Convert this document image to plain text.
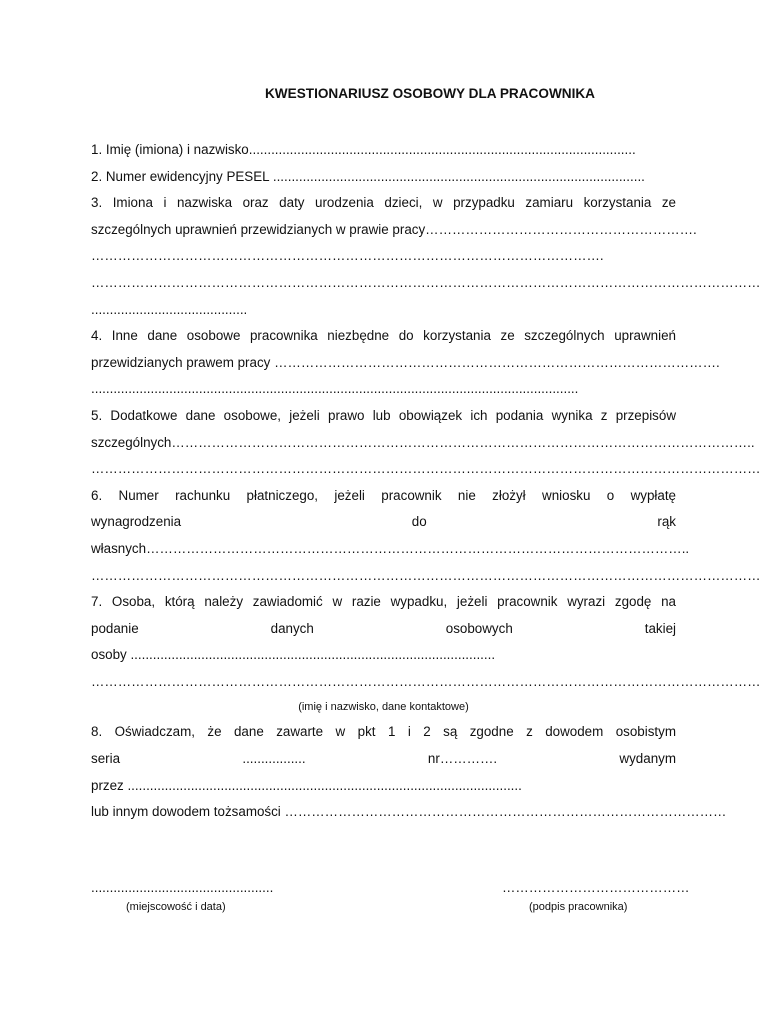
KWESTIONARIUSZ OSOBOWY DLA PRACOWNIKA
1. Imię (imiona) i nazwisko........................................................................................................
2. Numer ewidencyjny PESEL ....................................................................................................
3. Imiona i nazwiska oraz daty urodzenia dzieci, w przypadku zamiaru korzystania ze
szczególnych uprawnień przewidzianych w prawie pracy…………………………………………………….
…………………………………………………………………………………………………….
……………………………………………………………………………………………………………………………………
..........................................
4. Inne dane osobowe pracownika niezbędne do korzystania ze szczególnych uprawnień
przewidzianych prawem pracy ……………………………………………………………………………………….
...................................................................................................................................
5. Dodatkowe dane osobowe, jeżeli prawo lub obowiązek ich podania wynika z przepisów
szczególnych…………………………………………………………………………………………………………………..
……………………………………………………………………………………………………………………………………
6. Numer rachunku płatniczego, jeżeli pracownik nie złożył wniosku o wypłatę
wynagrodzenia do rąk
własnych…………………………………………………………………………………………………………..
……………………………………………………………………………………………………………………………………
7. Osoba, którą należy zawiadomić w razie wypadku, jeżeli pracownik wyrazi zgodę na
podanie danych osobowych takiej
osoby ..................................................................................................
……………………………………………………………………………………………………………………………………
(imię i nazwisko, dane kontaktowe)
8. Oświadczam, że dane zawarte w pkt 1 i 2 są zgodne z dowodem osobistym
seria ................. nr…………. wydanym
przez ..........................................................................................................
lub innym dowodem tożsamości ………………………………………………………………………………………
.................................................
(miejscowość i data)
……………………………………
(podpis pracownika)
